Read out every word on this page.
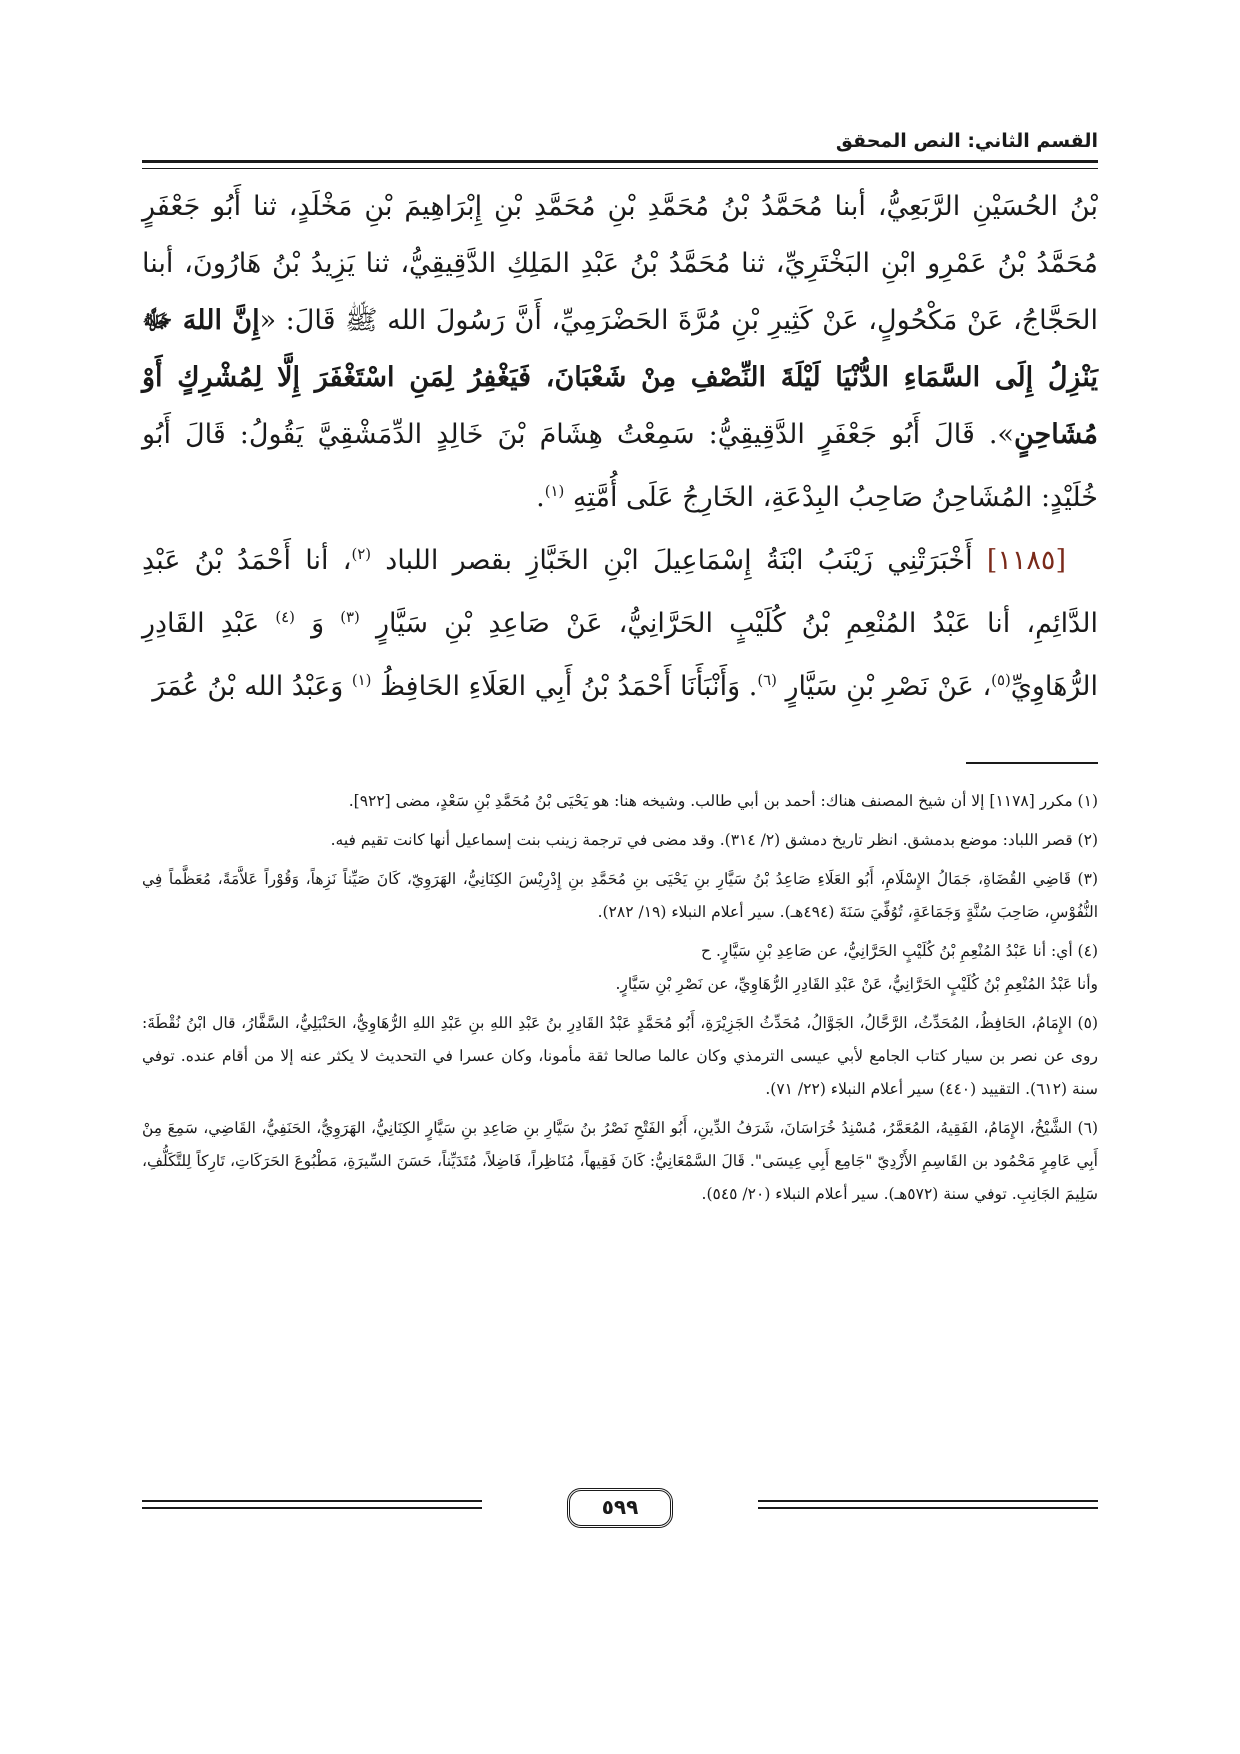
القسم الثاني: النص المحقق

بْنُ الحُسَيْنِ الرَّبَعِيُّ، أبنا مُحَمَّدُ بْنُ مُحَمَّدِ بْنِ مُحَمَّدِ بْنِ إِبْرَاهِيمَ بْنِ مَخْلَدٍ، ثنا أَبُو جَعْفَرٍ مُحَمَّدُ بْنُ عَمْرِو ابْنِ البَخْتَرِيِّ، ثنا مُحَمَّدُ بْنُ عَبْدِ المَلِكِ الدَّقِيقِيُّ، ثنا يَزِيدُ بْنُ هَارُونَ، أبنا الحَجَّاجُ، عَنْ مَكْحُولٍ، عَنْ كَثِيرِ بْنِ مُرَّةَ الحَضْرَمِيِّ، أَنَّ رَسُولَ الله ﷺ قَالَ: «إِنَّ اللهَ ﷻ يَنْزِلُ إِلَى السَّمَاءِ الدُّنْيَا لَيْلَةَ النِّصْفِ مِنْ شَعْبَانَ، فَيَغْفِرُ لِمَنِ اسْتَغْفَرَ إِلَّا لِمُشْرِكٍ أَوْ مُشَاحِنٍ». قَالَ أَبُو جَعْفَرٍ الدَّقِيقِيُّ: سَمِعْتُ هِشَامَ بْنَ خَالِدٍ الدِّمَشْقِيَّ يَقُولُ: قَالَ أَبُو خُلَيْدٍ: المُشَاحِنُ صَاحِبُ البِدْعَةِ، الخَارِجُ عَلَى أُمَّتِهِ $^{(١)}$.

[١١٨٥] أَخْبَرَتْنِي زَيْنَبُ ابْنَةُ إِسْمَاعِيلَ ابْنِ الخَبَّازِ بقصر اللباد $^{(٢)}$، أنا أَحْمَدُ بْنُ عَبْدِ الدَّائِمِ، أنا عَبْدُ المُنْعِمِ بْنُ كُلَيْبٍ الحَرَّانِيُّ، عَنْ صَاعِدِ بْنِ سَيَّارٍ $^{(٣)}$ وَ $^{(٤)}$ عَبْدِ القَادِرِ الرُّهَاوِيِّ$^{(٥)}$، عَنْ نَصْرِ بْنِ سَيَّارٍ $^{(٦)}$. وَأَنْبَأَنَا أَحْمَدُ بْنُ أَبِي العَلَاءِ الحَافِظُ $^{(١)}$ وَعَبْدُ الله بْنُ عُمَرَ

(١) مكرر [١١٧٨] إلا أن شيخ المصنف هناك: أحمد بن أبي طالب. وشيخه هنا: هو يَحْيَى بْنُ مُحَمَّدِ بْنِ سَعْدٍ، مضى [٩٢٢].

(٢) قصر اللباد: موضع بدمشق. انظر تاريخ دمشق (٢/ ٣١٤). وقد مضى في ترجمة زينب بنت إسماعيل أنها كانت تقيم فيه.

(٣) قَاضِي القُضَاةِ، جَمَالُ الإِسْلَامِ، أَبُو العَلَاءِ صَاعِدُ بْنُ سَيَّارِ بنِ يَحْيَى بنِ مُحَمَّدِ بنِ إِدْرِيْسَ الكِنَانِيُّ، الهَرَوِيّ، كَانَ صَيِّناً نَزِهاً، وَقُوْراً عَلاَّمَةً، مُعَظَّماً فِي النُّفُوْسِ، صَاحِبَ سُنَّةٍ وَجَمَاعَةٍ، تُوُفِّيَ سَنَةَ (٤٩٤هـ). سير أعلام النبلاء (١٩/ ٢٨٢).

(٤) أي: أنا عَبْدُ المُنْعِمِ بْنُ كُلَيْبٍ الحَرَّانِيُّ، عن صَاعِدِ بْنِ سَيَّارٍ. ح

وأنا عَبْدُ المُنْعِمِ بْنُ كُلَيْبٍ الحَرَّانِيُّ، عَنْ عَبْدِ القَادِرِ الرُّهَاوِيِّ، عن نَصْرِ بْنِ سَيَّارٍ.

(٥) الإِمَامُ، الحَافِظُ، المُحَدِّثُ، الرَّحَّالُ، الجَوَّالُ، مُحَدِّثُ الجَزِيْرَةِ، أَبُو مُحَمَّدٍ عَبْدُ القَادِرِ بنُ عَبْدِ اللهِ بنِ عَبْدِ اللهِ الرُّهَاوِيُّ، الحَنْبَلِيُّ، السَّفَّارُ، قال ابْنُ نُقْطَةَ: روى عن نصر بن سيار كتاب الجامع لأبي عيسى الترمذي وكان عالما صالحا ثقة مأمونا، وكان عسرا في التحديث لا يكثر عنه إلا من أقام عنده. توفي سنة (٦١٢). التقييد (٤٤٠) سير أعلام النبلاء (٢٢/ ٧١).

(٦) الشَّيْخُ، الإِمَامُ، الفَقِيهُ، المُعَمَّرُ، مُسْنِدُ خُرَاسَانَ، شَرَفُ الدِّينِ، أَبُو الفَتْحِ نَصْرُ بنُ سَيَّارِ بنِ صَاعِدِ بنِ سَيَّارٍ الكِنَانِيُّ، الهَرَوِيُّ، الحَنَفِيُّ، القَاضِي، سَمِعَ مِنْ أَبِي عَامِرٍ مَحْمُود بن القَاسِمِ الأَزْدِيّ "جَامِع أَبِي عِيسَى". قَالَ السَّمْعَانِيُّ: كَانَ فَقِيهاً، مُنَاظِراً، فَاضِلاً، مُتَدَيِّناً، حَسَنَ السِّيرَةِ، مَطْبُوعَ الحَرَكَاتِ، تَارِكاً لِلتَّكَلُّفِ، سَلِيمَ الجَانِبِ. توفي سنة (٥٧٢هـ). سير أعلام النبلاء (٢٠/ ٥٤٥).

٥٩٩
